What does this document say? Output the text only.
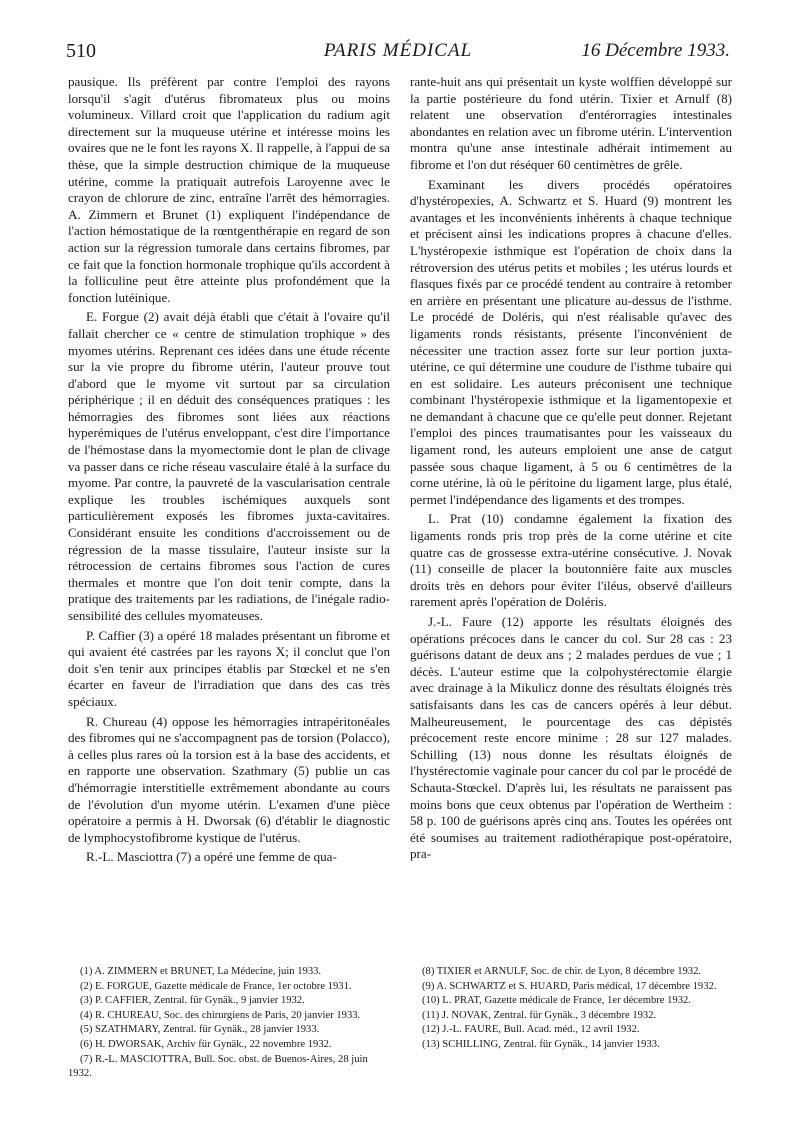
510	PARIS MÉDICAL	16 Décembre 1933.

pausique. Ils préfèrent par contre l'emploi des rayons lorsqu'il s'agit d'utérus fibromateux plus ou moins volumineux. Villard croit que l'application du radium agit directement sur la muqueuse utérine et intéresse moins les ovaires que ne le font les rayons X. Il rappelle, à l'appui de sa thèse, que la simple destruction chimique de la muqueuse utérine, comme la pratiquait autrefois Laroyenne avec le crayon de chlorure de zinc, entraîne l'arrêt des hémorragies. A. Zimmern et Brunet (1) expliquent l'indépendance de l'action hémostatique de la rœntgenthérapie en regard de son action sur la régression tumorale dans certains fibromes, par ce fait que la fonction hormonale trophique qu'ils accordent à la folliculine peut être atteinte plus profondément que la fonction lutéinique.

E. Forgue (2) avait déjà établi que c'était à l'ovaire qu'il fallait chercher ce « centre de stimulation trophique » des myomes utérins. Reprenant ces idées dans une étude récente sur la vie propre du fibrome utérin, l'auteur prouve tout d'abord que le myome vit surtout par sa circulation périphérique ; il en déduit des conséquences pratiques : les hémorragies des fibromes sont liées aux réactions hyperémiques de l'utérus enveloppant, c'est dire l'importance de l'hémostase dans la myomectomie dont le plan de clivage va passer dans ce riche réseau vasculaire étalé à la surface du myome. Par contre, la pauvreté de la vascularisation centrale explique les troubles ischémiques auxquels sont particulièrement exposés les fibromes juxta-cavitaires. Considérant ensuite les conditions d'accroissement ou de régression de la masse tissulaire, l'auteur insiste sur la rétrocession de certains fibromes sous l'action de cures thermales et montre que l'on doit tenir compte, dans la pratique des traitements par les radiations, de l'inégale radio-sensibilité des cellules myomateuses.

P. Caffier (3) a opéré 18 malades présentant un fibrome et qui avaient été castrées par les rayons X; il conclut que l'on doit s'en tenir aux principes établis par Stœckel et ne s'en écarter en faveur de l'irradiation que dans des cas très spéciaux.

R. Chureau (4) oppose les hémorragies intrapéritonéales des fibromes qui ne s'accompagnent pas de torsion (Polacco), à celles plus rares où la torsion est à la base des accidents, et en rapporte une observation. Szathmary (5) publie un cas d'hémorragie interstitielle extrêmement abondante au cours de l'évolution d'un myome utérin. L'examen d'une pièce opératoire a permis à H. Dworsak (6) d'établir le diagnostic de lymphocystofibrome kystique de l'utérus.

R.-L. Masciottra (7) a opéré une femme de qua-

rante-huit ans qui présentait un kyste wolffien développé sur la partie postérieure du fond utérin. Tixier et Arnulf (8) relatent une observation d'entérorragies intestinales abondantes en relation avec un fibrome utérin. L'intervention montra qu'une anse intestinale adhérait intimement au fibrome et l'on dut réséquer 60 centimètres de grêle.

Examinant les divers procédés opératoires d'hystéropexies, A. Schwartz et S. Huard (9) montrent les avantages et les inconvénients inhérents à chaque technique et précisent ainsi les indications propres à chacune d'elles. L'hystéropexie isthmique est l'opération de choix dans la rétroversion des utérus petits et mobiles ; les utérus lourds et flasques fixés par ce procédé tendent au contraire à retomber en arrière en présentant une plicature au-dessus de l'isthme. Le procédé de Doléris, qui n'est réalisable qu'avec des ligaments ronds résistants, présente l'inconvénient de nécessiter une traction assez forte sur leur portion juxta-utérine, ce qui détermine une coudure de l'isthme tubaire qui en est solidaire. Les auteurs préconisent une technique combinant l'hystéropexie isthmique et la ligamentopexie et ne demandant à chacune que ce qu'elle peut donner. Rejetant l'emploi des pinces traumatisantes pour les vaisseaux du ligament rond, les auteurs emploient une anse de catgut passée sous chaque ligament, à 5 ou 6 centimètres de la corne utérine, là où le péritoine du ligament large, plus étalé, permet l'indépendance des ligaments et des trompes.

L. Prat (10) condamne également la fixation des ligaments ronds pris trop près de la corne utérine et cite quatre cas de grossesse extra-utérine consécutive. J. Novak (11) conseille de placer la boutonnière faite aux muscles droits très en dehors pour éviter l'iléus, observé d'ailleurs rarement après l'opération de Doléris.

J.-L. Faure (12) apporte les résultats éloignés des opérations précoces dans le cancer du col. Sur 28 cas : 23 guérisons datant de deux ans ; 2 malades perdues de vue ; 1 décès. L'auteur estime que la colpohystérectomie élargie avec drainage à la Mikulicz donne des résultats éloignés très satisfaisants dans les cas de cancers opérés à leur début. Malheureusement, le pourcentage des cas dépistés précocement reste encore minime : 28 sur 127 malades. Schilling (13) nous donne les résultats éloignés de l'hystérectomie vaginale pour cancer du col par le procédé de Schauta-Stœckel. D'après lui, les résultats ne paraissent pas moins bons que ceux obtenus par l'opération de Wertheim : 58 p. 100 de guérisons après cinq ans. Toutes les opérées ont été soumises au traitement radiothérapique post-opératoire, pra-

(1) A. ZIMMERN et BRUNET, La Médecine, juin 1933.
(2) E. FORGUE, Gazette médicale de France, 1er octobre 1931.
(3) P. CAFFIER, Zentral. für Gynäk., 9 janvier 1932.
(4) R. CHUREAU, Soc. des chirurgiens de Paris, 20 janvier 1933.
(5) SZATHMARY, Zentral. für Gynäk., 28 janvier 1933.
(6) H. DWORSAK, Archiv für Gynäk., 22 novembre 1932.
(7) R.-L. MASCIOTTRA, Bull. Soc. obst. de Buenos-Aires, 28 juin 1932.
(8) TIXIER et ARNULF, Soc. de chir. de Lyon, 8 décembre 1932.
(9) A. SCHWARTZ et S. HUARD, Paris médical, 17 décembre 1932.
(10) L. PRAT, Gazette médicale de France, 1er décembre 1932.
(11) J. NOVAK, Zentral. für Gynäk., 3 décembre 1932.
(12) J.-L. FAURE, Bull. Acad. méd., 12 avril 1932.
(13) SCHILLING, Zentral. für Gynäk., 14 janvier 1933.
